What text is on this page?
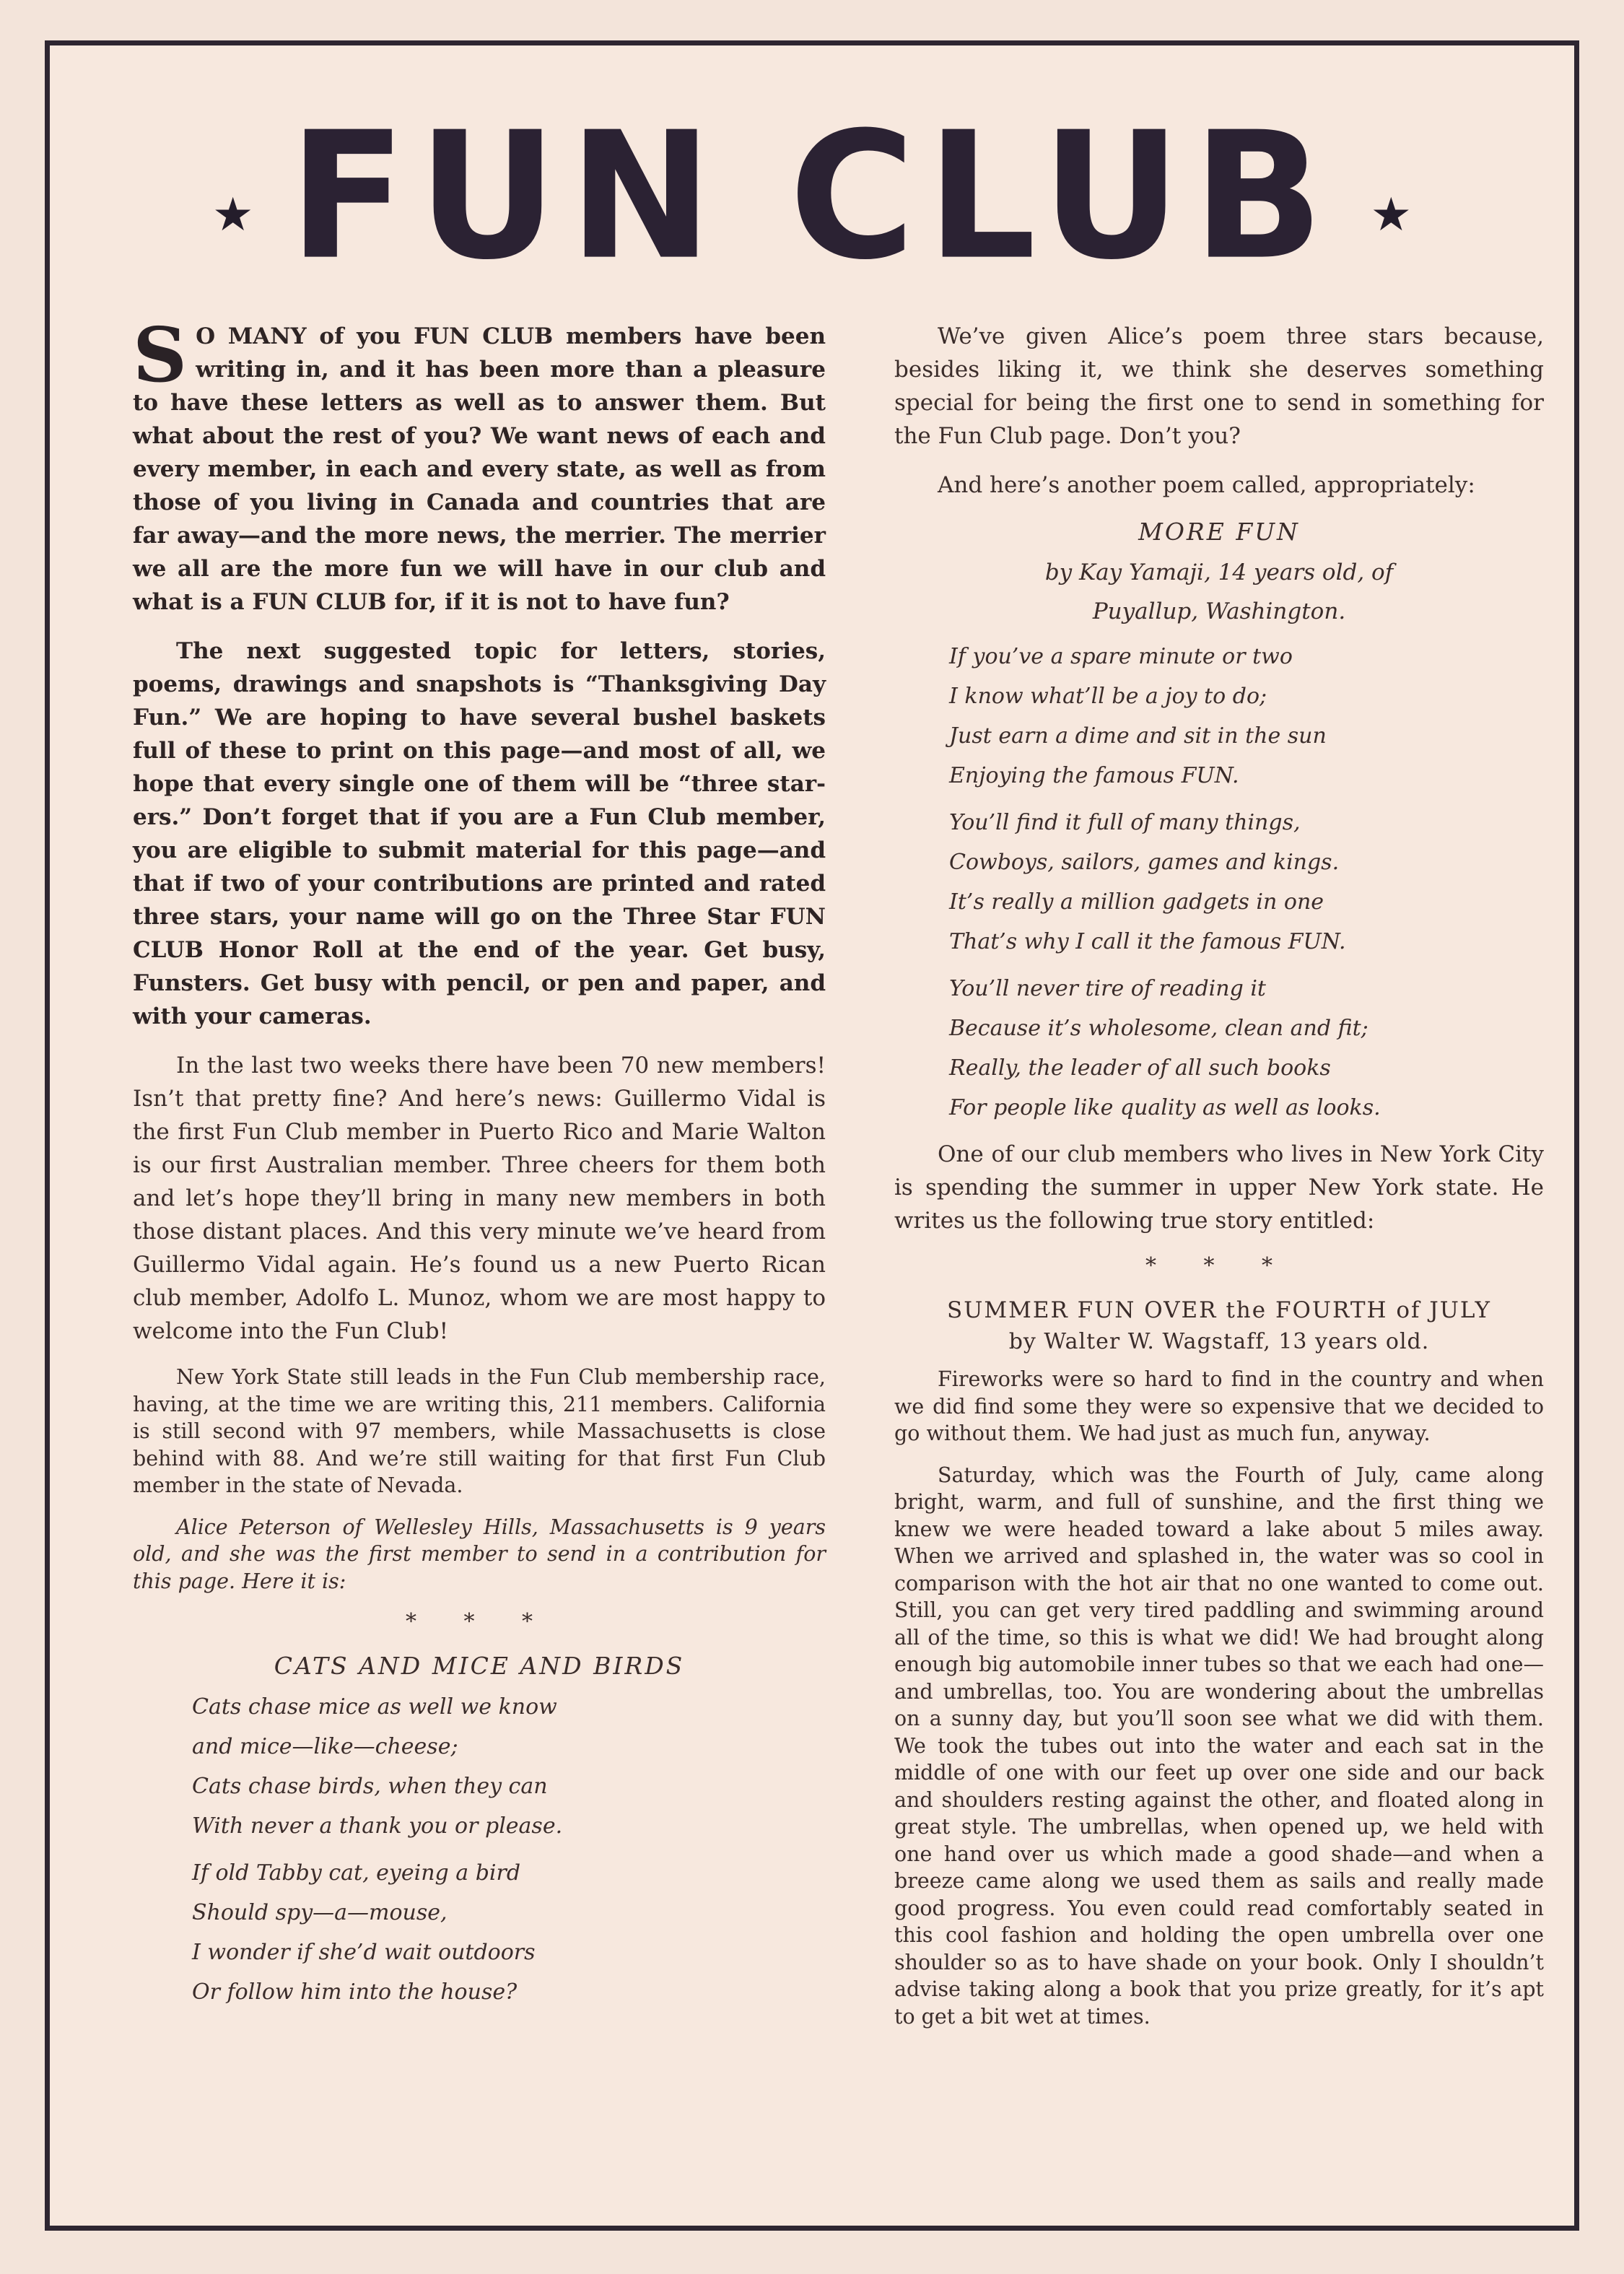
★ FUN CLUB ★

S O MANY of you FUN CLUB members have been writing in, and it has been more than a pleasure to have these letters as well as to answer them. But what about the rest of you? We want news of each and every member, in each and every state, as well as from those of you living in Canada and countries that are far away—and the more news, the merrier. The merrier we all are the more fun we will have in our club and what is a FUN CLUB for, if it is not to have fun?

The next suggested topic for letters, stories, poems, drawings and snapshots is “Thanksgiving Day Fun.” We are hoping to have several bushel baskets full of these to print on this page—and most of all, we hope that every single one of them will be “three star-ers.” Don’t forget that if you are a Fun Club member, you are eligible to submit material for this page—and that if two of your contributions are printed and rated three stars, your name will go on the Three Star FUN CLUB Honor Roll at the end of the year. Get busy, Funsters. Get busy with pencil, or pen and paper, and with your cameras.

In the last two weeks there have been 70 new members! Isn’t that pretty fine? And here’s news: Guillermo Vidal is the first Fun Club member in Puerto Rico and Marie Walton is our first Australian member. Three cheers for them both and let’s hope they’ll bring in many new members in both those distant places. And this very minute we’ve heard from Guillermo Vidal again. He’s found us a new Puerto Rican club member, Adolfo L. Munoz, whom we are most happy to welcome into the Fun Club!

New York State still leads in the Fun Club membership race, having, at the time we are writing this, 211 members. California is still second with 97 members, while Massachusetts is close behind with 88. And we’re still waiting for that first Fun Club member in the state of Nevada.

Alice Peterson of Wellesley Hills, Massachusetts is 9 years old, and she was the first member to send in a contribution for this page. Here it is:

* * *
CATS AND MICE AND BIRDS
Cats chase mice as well we know
and mice—like—cheese;
Cats chase birds, when they can
With never a thank you or please.
If old Tabby cat, eyeing a bird
Should spy—a—mouse,
I wonder if she’d wait outdoors
Or follow him into the house?

We’ve given Alice’s poem three stars because, besides liking it, we think she deserves something special for being the first one to send in something for the Fun Club page. Don’t you?

And here’s another poem called, appropriately:

MORE FUN
by Kay Yamaji, 14 years old, of
Puyallup, Washington.
If you’ve a spare minute or two
I know what’ll be a joy to do;
Just earn a dime and sit in the sun
Enjoying the famous FUN.
You’ll find it full of many things,
Cowboys, sailors, games and kings.
It’s really a million gadgets in one
That’s why I call it the famous FUN.
You’ll never tire of reading it
Because it’s wholesome, clean and fit;
Really, the leader of all such books
For people like quality as well as looks.

One of our club members who lives in New York City is spending the summer in upper New York state. He writes us the following true story entitled:

* * *
SUMMER FUN OVER the FOURTH of JULY
by Walter W. Wagstaff, 13 years old.

Fireworks were so hard to find in the country and when we did find some they were so expensive that we decided to go without them. We had just as much fun, anyway.

Saturday, which was the Fourth of July, came along bright, warm, and full of sunshine, and the first thing we knew we were headed toward a lake about 5 miles away. When we arrived and splashed in, the water was so cool in comparison with the hot air that no one wanted to come out. Still, you can get very tired paddling and swimming around all of the time, so this is what we did! We had brought along enough big automobile inner tubes so that we each had one—and umbrellas, too. You are wondering about the umbrellas on a sunny day, but you’ll soon see what we did with them. We took the tubes out into the water and each sat in the middle of one with our feet up over one side and our back and shoulders resting against the other, and floated along in great style. The umbrellas, when opened up, we held with one hand over us which made a good shade—and when a breeze came along we used them as sails and really made good progress. You even could read comfortably seated in this cool fashion and holding the open umbrella over one shoulder so as to have shade on your book. Only I shouldn’t advise taking along a book that you prize greatly, for it’s apt to get a bit wet at times.
